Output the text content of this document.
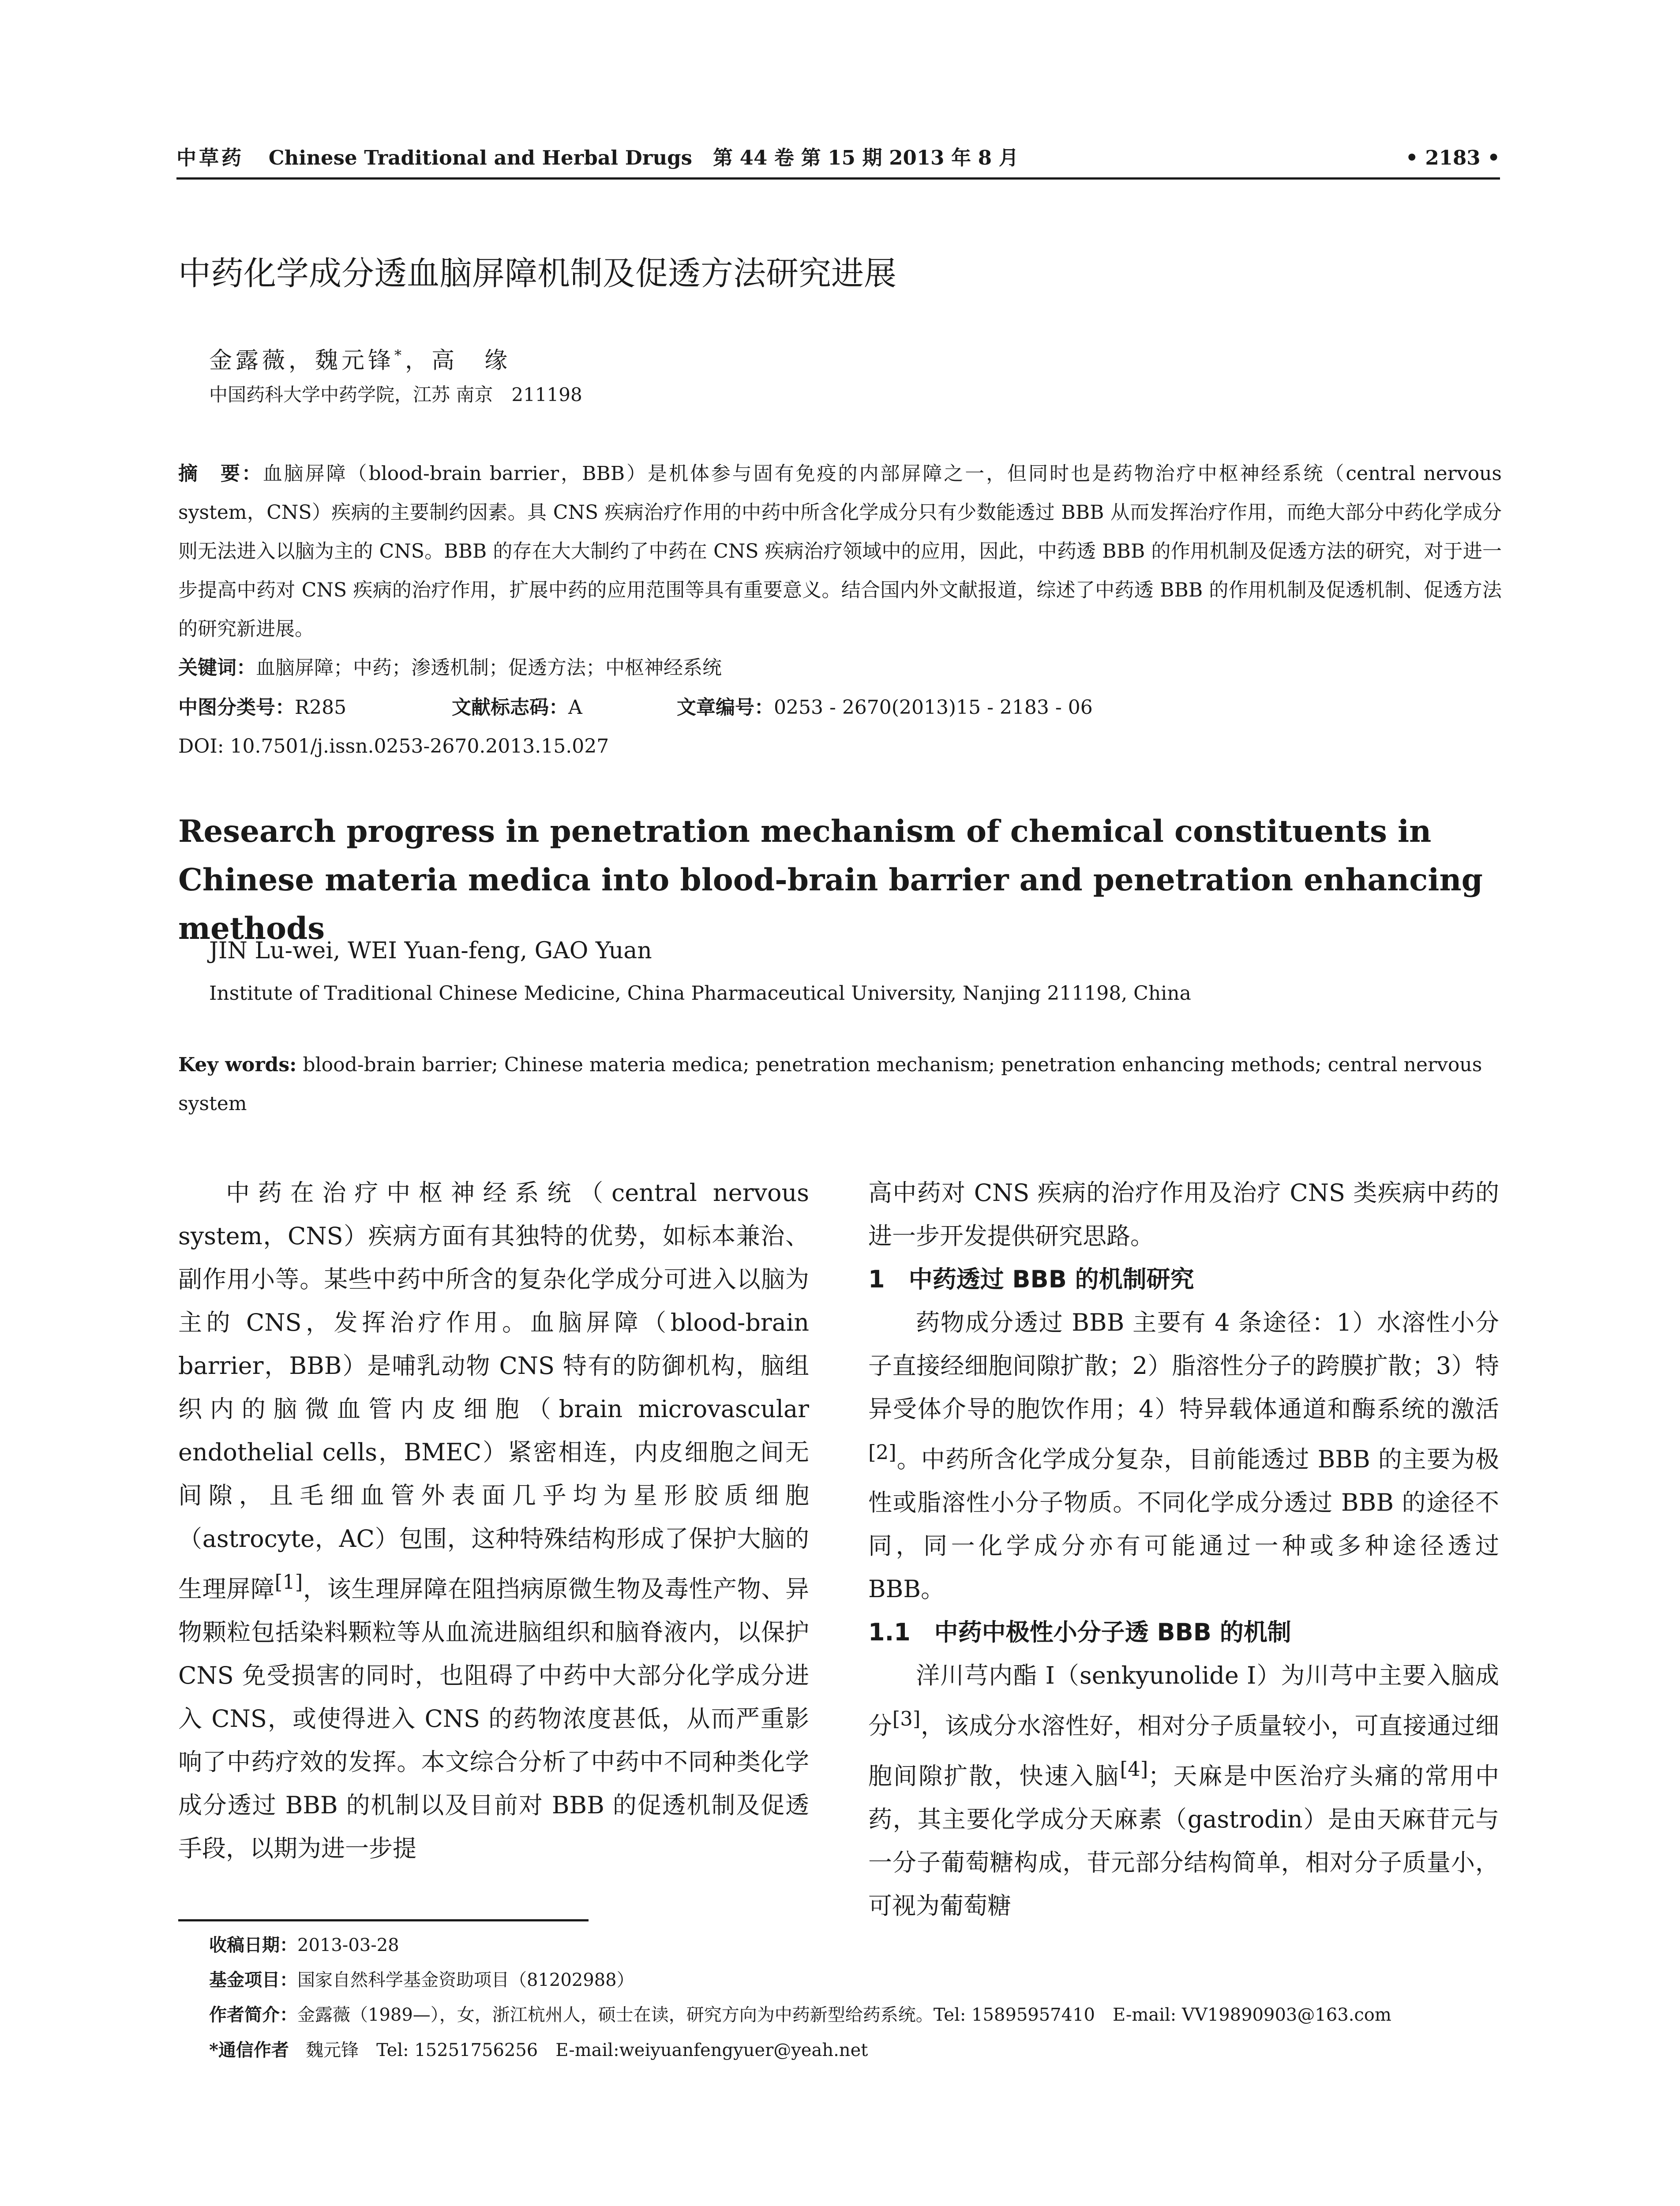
中草药 Chinese Traditional and Herbal Drugs 第 44 卷 第 15 期 2013 年 8 月	• 2183 •
中药化学成分透血脑屏障机制及促透方法研究进展
金露薇，魏元锋*，高　缘
中国药科大学中药学院，江苏 南京　211198
摘　要：血脑屏障（blood-brain barrier，BBB）是机体参与固有免疫的内部屏障之一，但同时也是药物治疗中枢神经系统（central nervous system，CNS）疾病的主要制约因素。具 CNS 疾病治疗作用的中药中所含化学成分只有少数能透过 BBB 从而发挥治疗作用，而绝大部分中药化学成分则无法进入以脑为主的 CNS。BBB 的存在大大制约了中药在 CNS 疾病治疗领域中的应用，因此，中药透 BBB 的作用机制及促透方法的研究，对于进一步提高中药对 CNS 疾病的治疗作用，扩展中药的应用范围等具有重要意义。结合国内外文献报道，综述了中药透 BBB 的作用机制及促透机制、促透方法的研究新进展。
关键词：血脑屏障；中药；渗透机制；促透方法；中枢神经系统
中图分类号：R285	文献标志码：A	文章编号：0253 - 2670(2013)15 - 2183 - 06
DOI: 10.7501/j.issn.0253-2670.2013.15.027
Research progress in penetration mechanism of chemical constituents in Chinese materia medica into blood-brain barrier and penetration enhancing methods
JIN Lu-wei, WEI Yuan-feng, GAO Yuan
Institute of Traditional Chinese Medicine, China Pharmaceutical University, Nanjing 211198, China
Key words: blood-brain barrier; Chinese materia medica; penetration mechanism; penetration enhancing methods; central nervous system

中药在治疗中枢神经系统（central nervous system，CNS）疾病方面有其独特的优势，如标本兼治、副作用小等。某些中药中所含的复杂化学成分可进入以脑为主的 CNS，发挥治疗作用。血脑屏障（blood-brain barrier，BBB）是哺乳动物 CNS 特有的防御机构，脑组织内的脑微血管内皮细胞（brain microvascular endothelial cells，BMEC）紧密相连，内皮细胞之间无间隙，且毛细血管外表面几乎均为星形胶质细胞（astrocyte，AC）包围，这种特殊结构形成了保护大脑的生理屏障[1]，该生理屏障在阻挡病原微生物及毒性产物、异物颗粒包括染料颗粒等从血流进脑组织和脑脊液内，以保护 CNS 免受损害的同时，也阻碍了中药中大部分化学成分进入 CNS，或使得进入 CNS 的药物浓度甚低，从而严重影响了中药疗效的发挥。本文综合分析了中药中不同种类化学成分透过 BBB 的机制以及目前对 BBB 的促透机制及促透手段，以期为进一步提

高中药对 CNS 疾病的治疗作用及治疗 CNS 类疾病中药的进一步开发提供研究思路。

1　中药透过 BBB 的机制研究

药物成分透过 BBB 主要有 4 条途径：1）水溶性小分子直接经细胞间隙扩散；2）脂溶性分子的跨膜扩散；3）特异受体介导的胞饮作用；4）特异载体通道和酶系统的激活[2]。中药所含化学成分复杂，目前能透过 BBB 的主要为极性或脂溶性小分子物质。不同化学成分透过 BBB 的途径不同，同一化学成分亦有可能通过一种或多种途径透过 BBB。

1.1　中药中极性小分子透 BBB 的机制

洋川芎内酯 I（senkyunolide I）为川芎中主要入脑成分[3]，该成分水溶性好，相对分子质量较小，可直接通过细胞间隙扩散，快速入脑[4]；天麻是中医治疗头痛的常用中药，其主要化学成分天麻素（gastrodin）是由天麻苷元与一分子葡萄糖构成，苷元部分结构简单，相对分子质量小，可视为葡萄糖

收稿日期：2013-03-28
基金项目：国家自然科学基金资助项目（81202988）
作者简介：金露薇（1989—），女，浙江杭州人，硕士在读，研究方向为中药新型给药系统。Tel: 15895957410　E-mail: VV19890903@163.com
*通信作者 魏元锋　Tel: 15251756256　E-mail:weiyuanfengyuer@yeah.net
